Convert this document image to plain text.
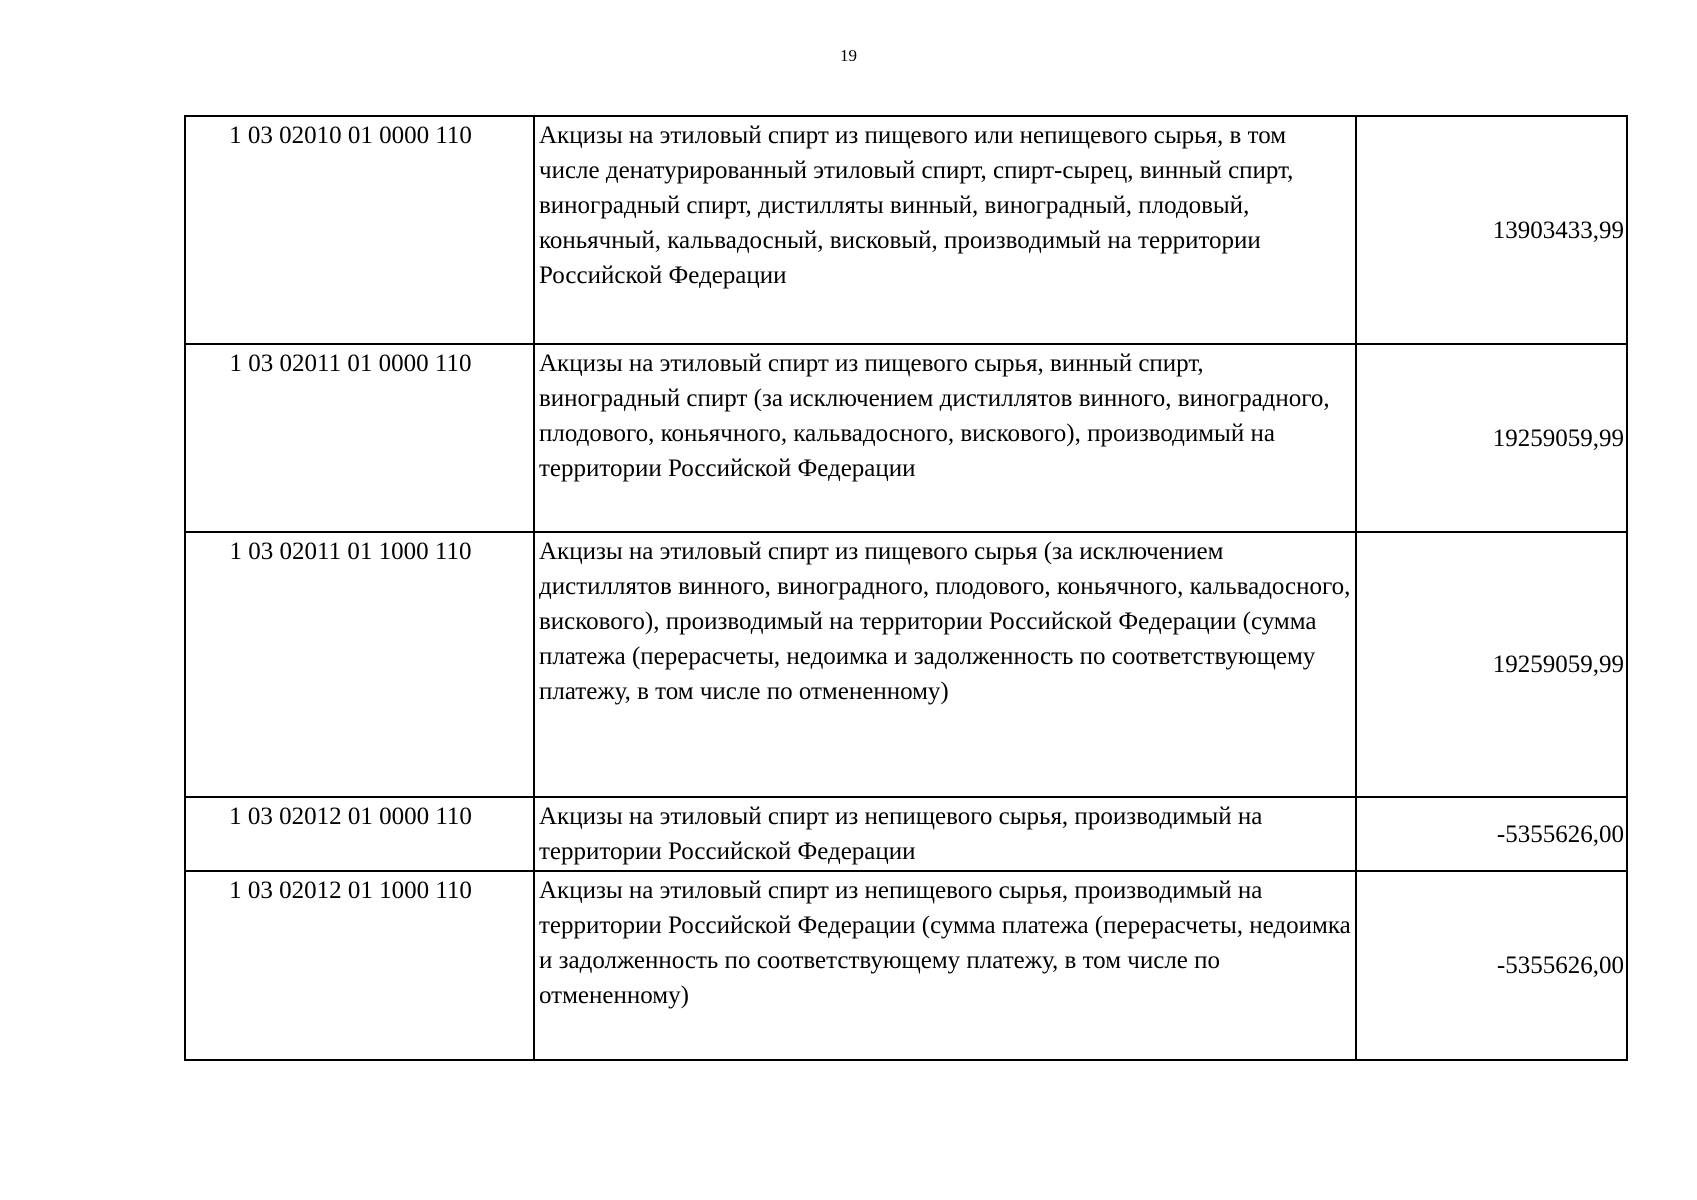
19
1 03 02010 01 0000 110	Акцизы на этиловый спирт из пищевого или непищевого сырья, в том числе денатурированный этиловый спирт, спирт-сырец, винный спирт, виноградный спирт, дистилляты винный, виноградный, плодовый, коньячный, кальвадосный, висковый, производимый на территории Российской Федерации	13903433,99
1 03 02011 01 0000 110	Акцизы на этиловый спирт из пищевого сырья, винный спирт, виноградный спирт (за исключением дистиллятов винного, виноградного, плодового, коньячного, кальвадосного, вискового), производимый на территории Российской Федерации	19259059,99
1 03 02011 01 1000 110	Акцизы на этиловый спирт из пищевого сырья (за исключением дистиллятов винного, виноградного, плодового, коньячного, кальвадосного, вискового), производимый на территории Российской Федерации (сумма платежа (перерасчеты, недоимка и задолженность по соответствующему платежу, в том числе по отмененному)	19259059,99
1 03 02012 01 0000 110	Акцизы на этиловый спирт из непищевого сырья, производимый на территории Российской Федерации	-5355626,00
1 03 02012 01 1000 110	Акцизы на этиловый спирт из непищевого сырья, производимый на территории Российской Федерации (сумма платежа (перерасчеты, недоимка и задолженность по соответствующему платежу, в том числе по отмененному)	-5355626,00
